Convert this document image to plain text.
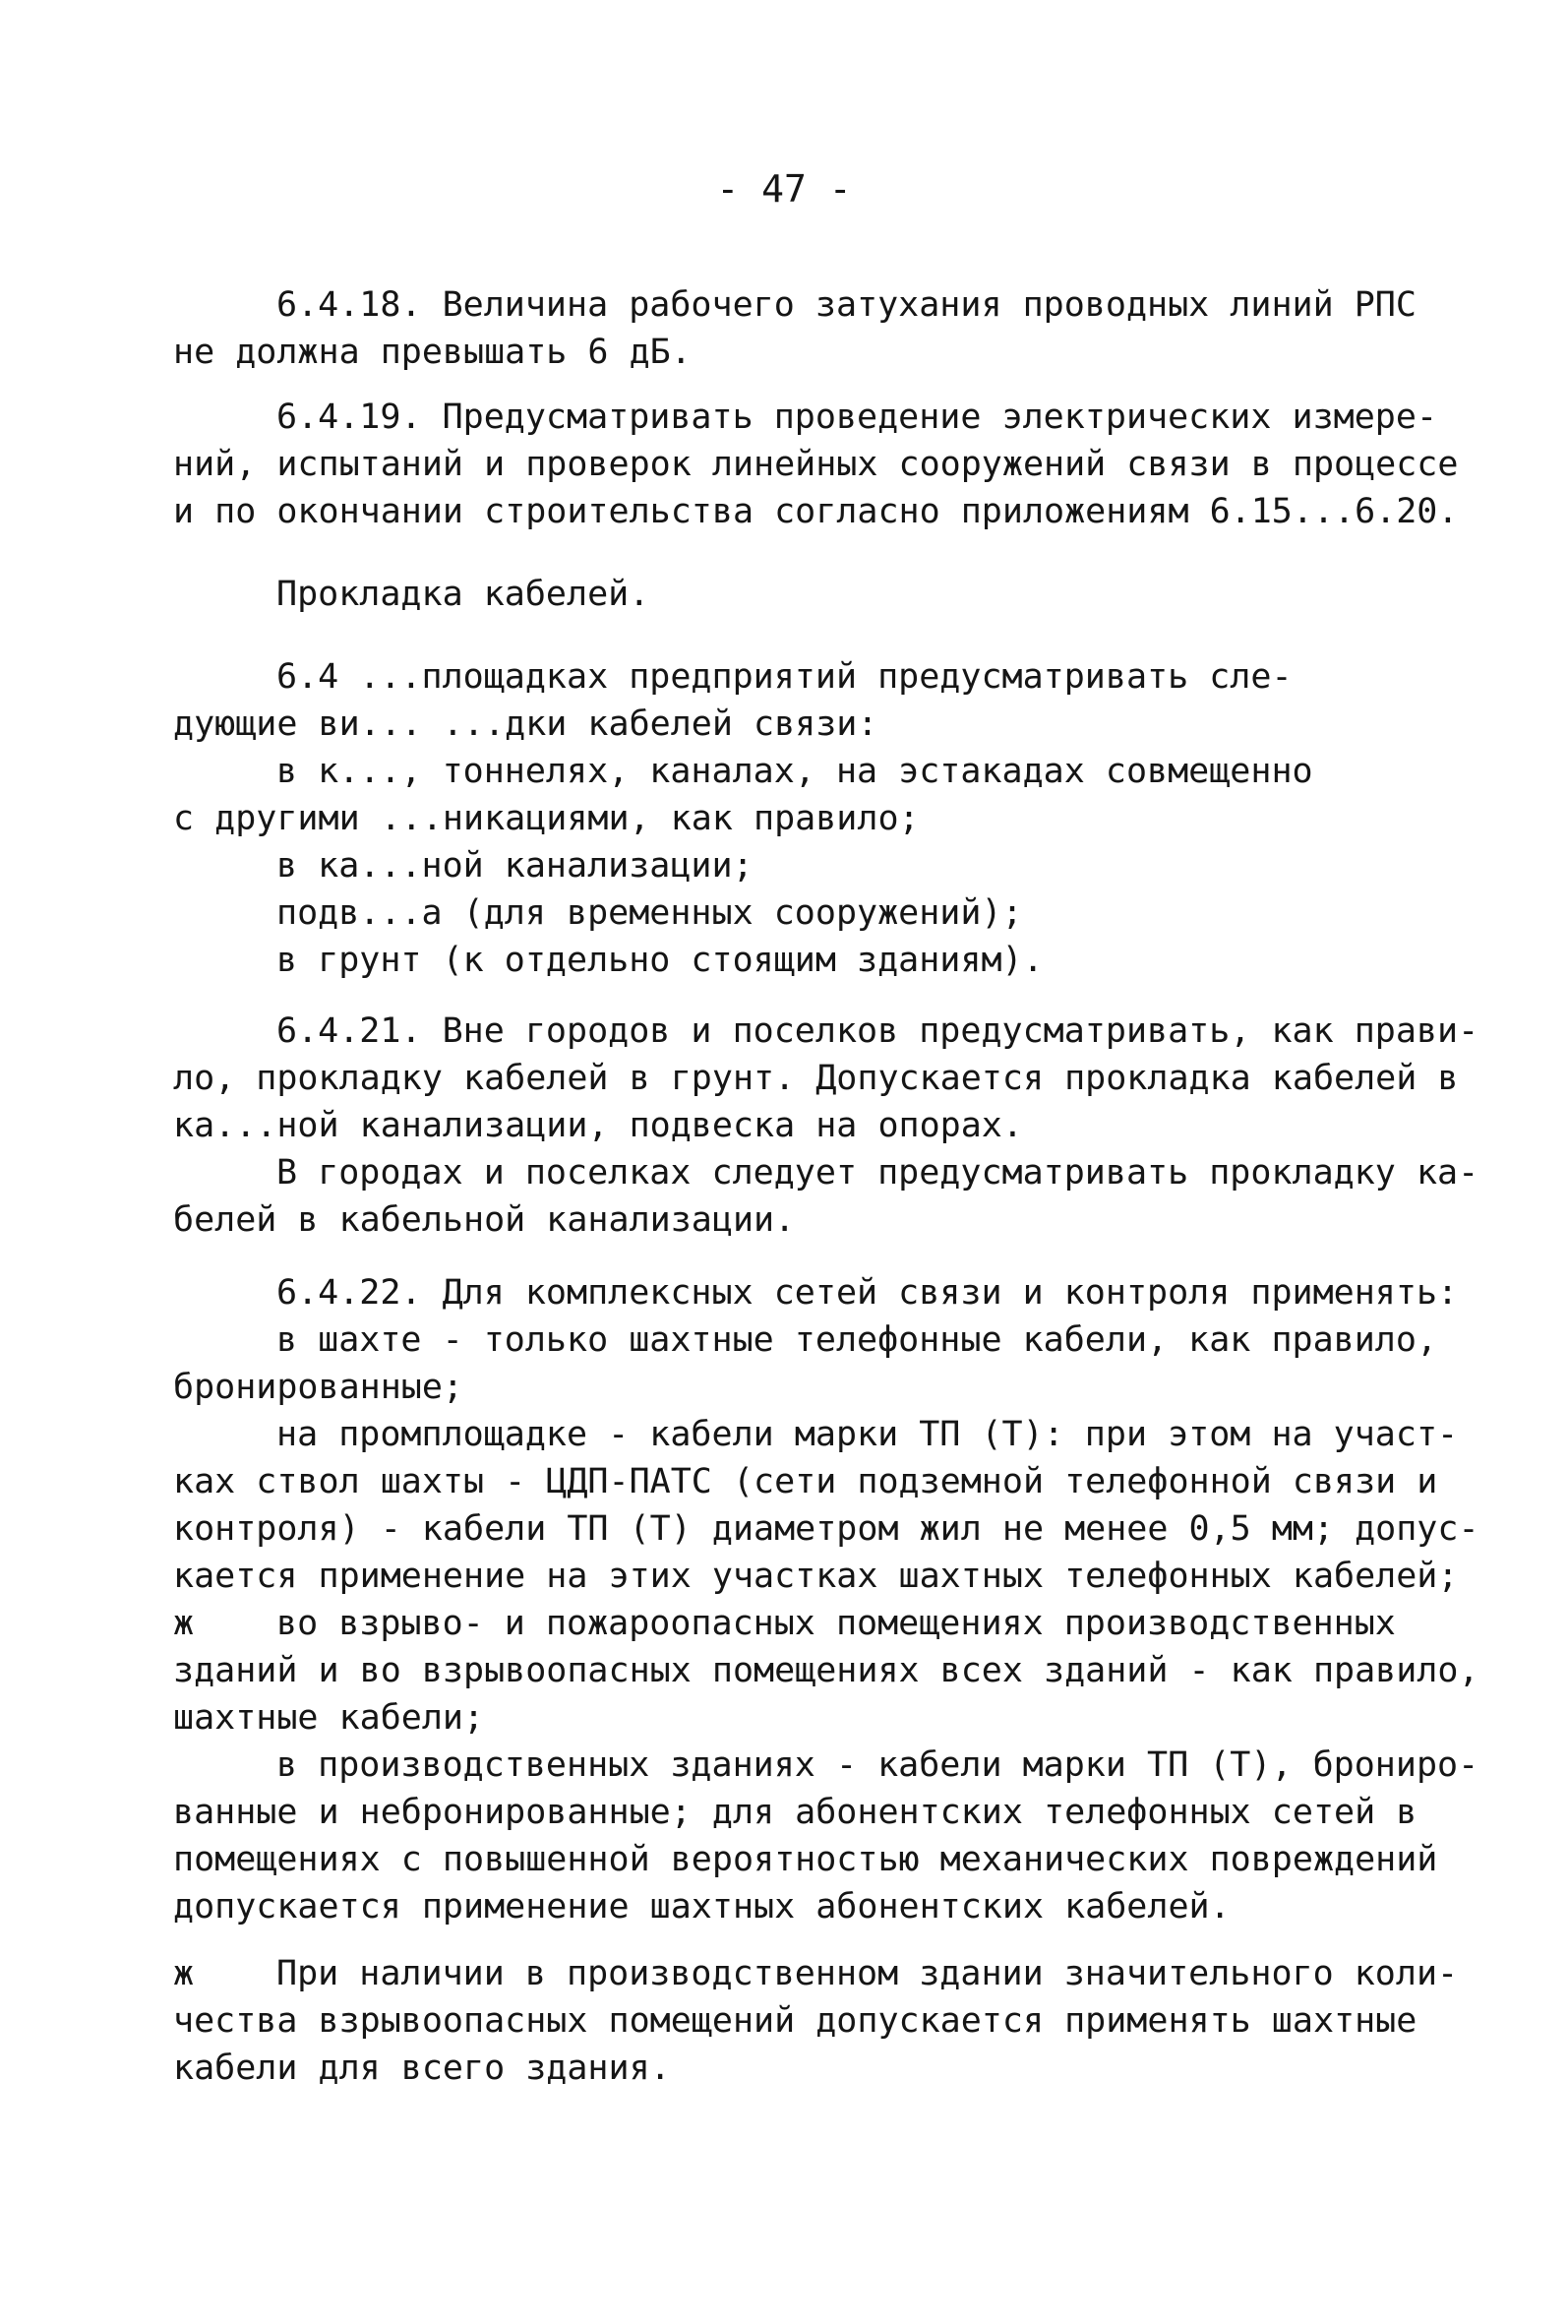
- 47 -

6.4.18. Величина рабочего затухания проводных линий РПС

не должна превышать 6 дБ.

6.4.19. Предусматривать проведение электрических измере-

ний, испытаний и проверок линейных сооружений связи в процессе

и по окончании строительства согласно приложениям 6.15...6.20.

Прокладка кабелей.

6.4 ...площадках предприятий предусматривать сле-

дующие ви... ...дки кабелей связи:

в к..., тоннелях, каналах, на эстакадах совмещенно

с другими ...никациями, как правило;

в ка...ной канализации;

подв...а (для временных сооружений);

в грунт (к отдельно стоящим зданиям).

6.4.21. Вне городов и поселков предусматривать, как прави-

ло, прокладку кабелей в грунт. Допускается прокладка кабелей в

ка...ной канализации, подвеска на опорах.

В городах и поселках следует предусматривать прокладку ка-

белей в кабельной канализации.

6.4.22. Для комплексных сетей связи и контроля применять:

в шахте - только шахтные телефонные кабели, как правило,

бронированные;

на промплощадке - кабели марки ТП (Т): при этом на участ-

ках ствол шахты - ЦДП-ПАТС (сети подземной телефонной связи и

контроля) - кабели ТП (Т) диаметром жил не менее 0,5 мм; допус-

кается применение на этих участках шахтных телефонных кабелей;

ж во взрыво- и пожароопасных помещениях производственных

зданий и во взрывоопасных помещениях всех зданий - как правило,

шахтные кабели;

в производственных зданиях - кабели марки ТП (Т), брониро-

ванные и небронированные; для абонентских телефонных сетей в

помещениях с повышенной вероятностью механических повреждений

допускается применение шахтных абонентских кабелей.

ж При наличии в производственном здании значительного коли-

чества взрывоопасных помещений допускается применять шахтные

кабели для всего здания.
